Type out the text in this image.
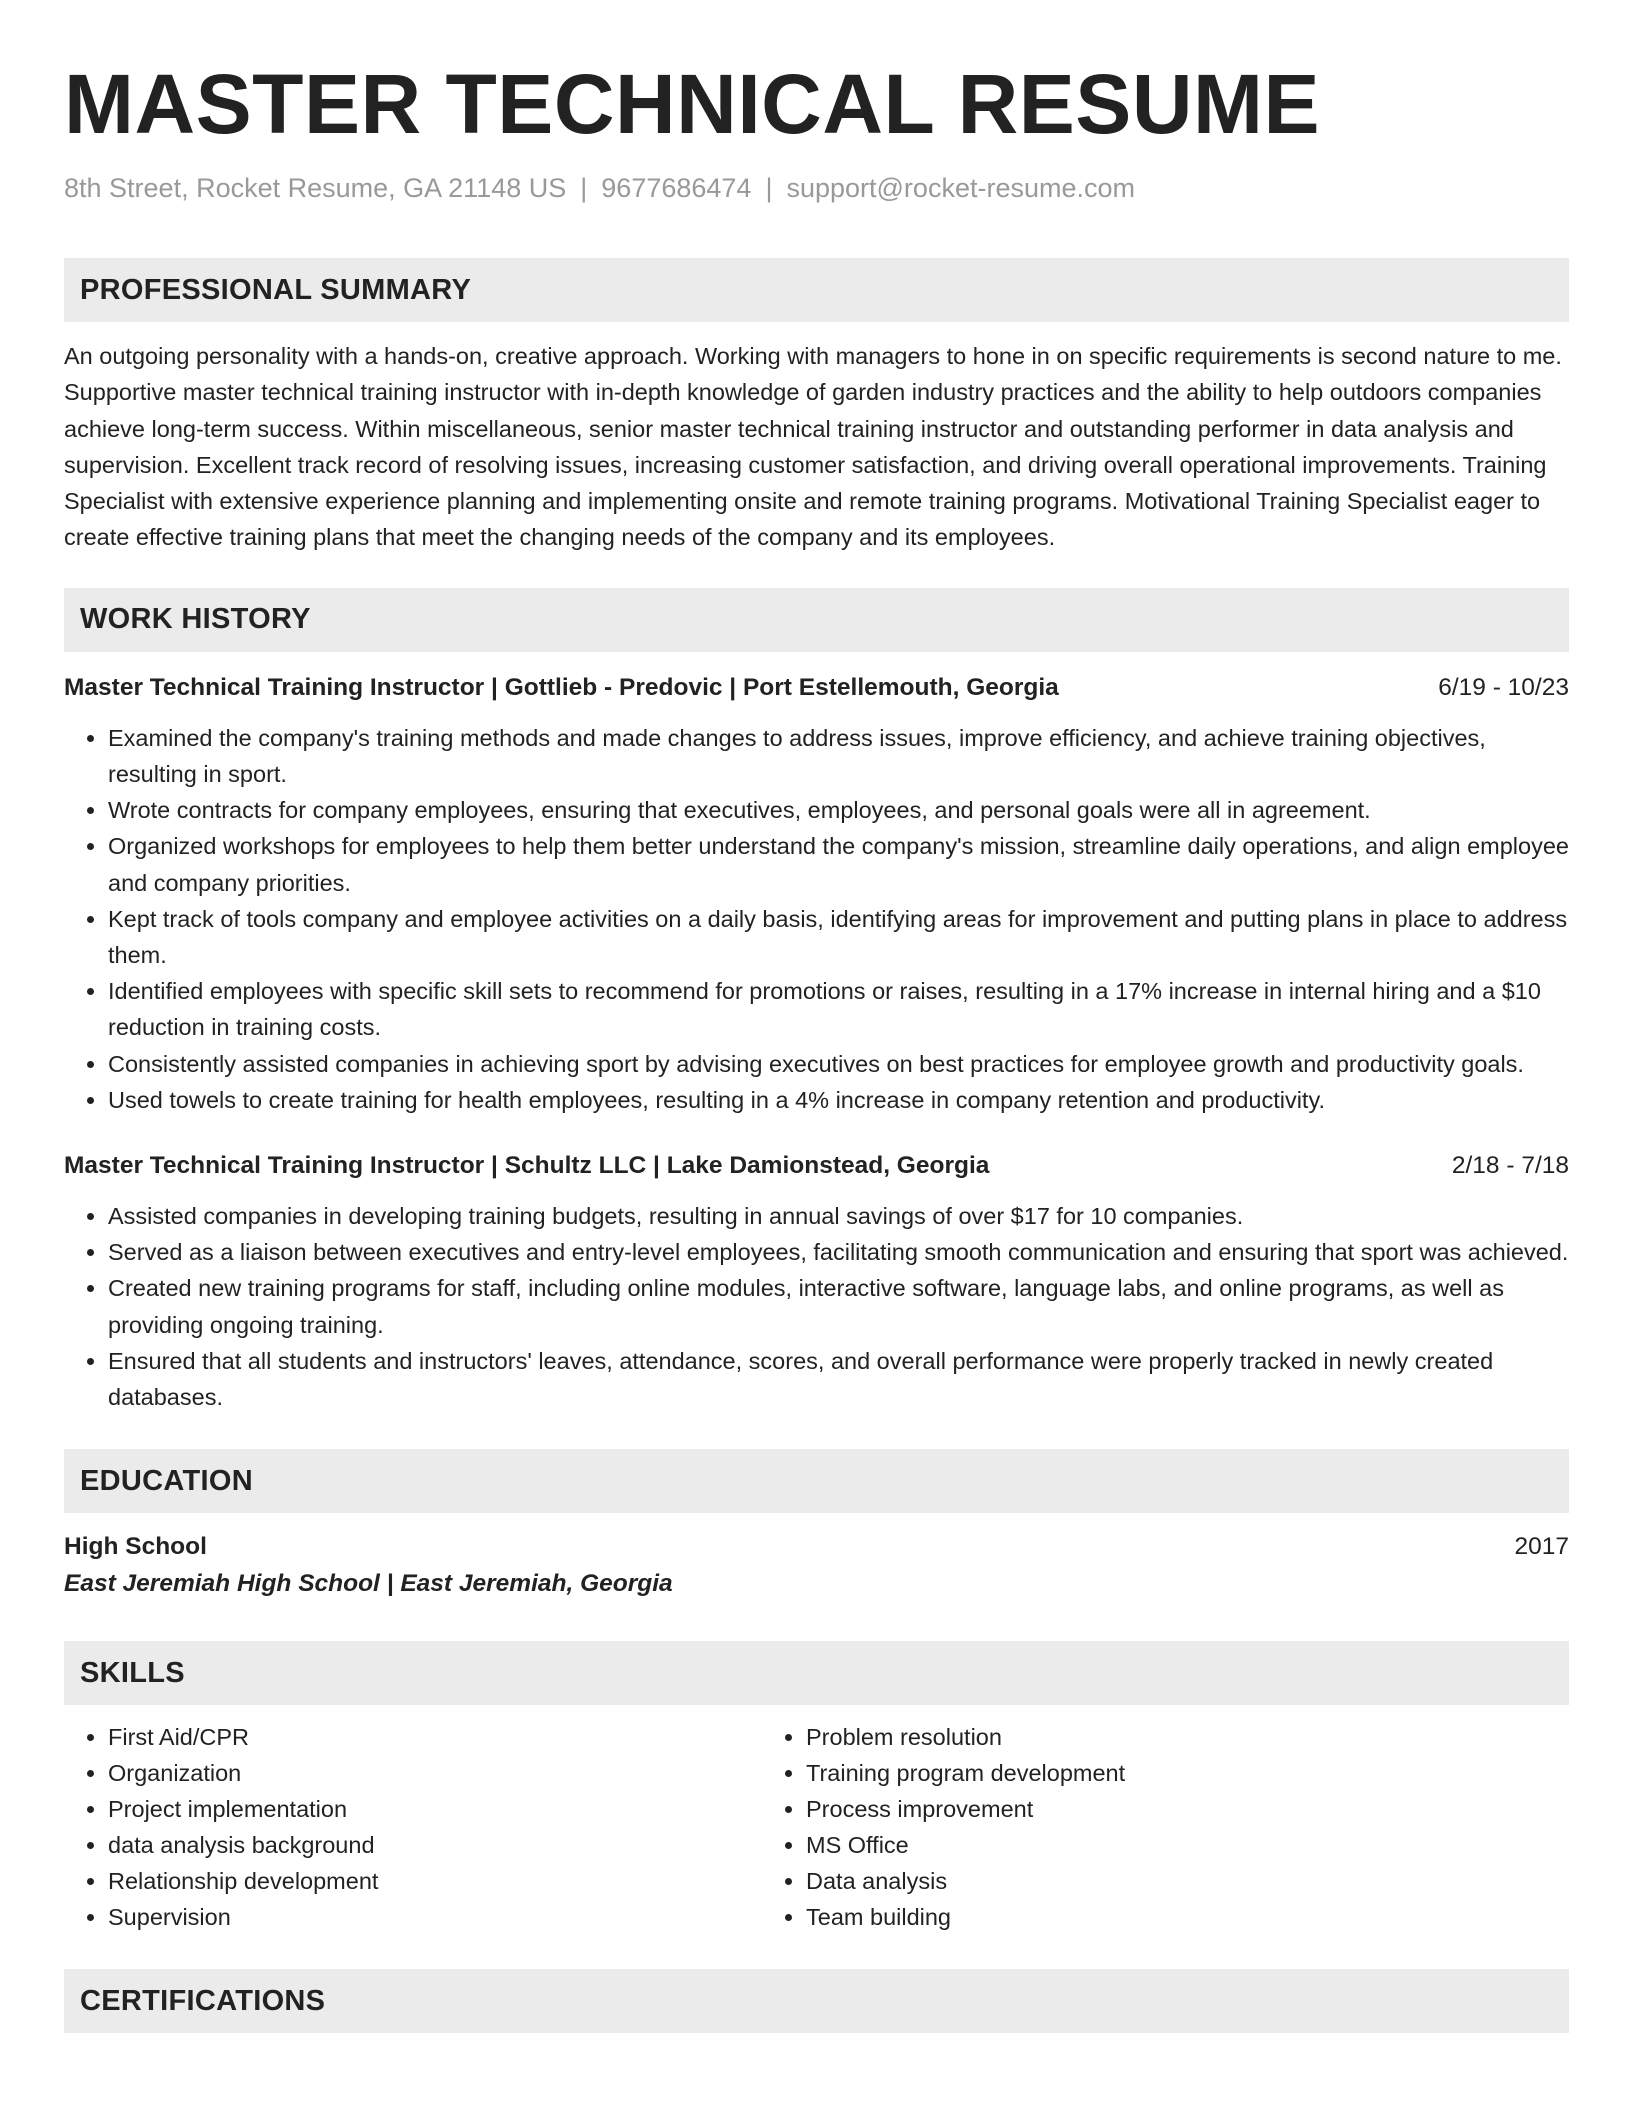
MASTER TECHNICAL RESUME
8th Street, Rocket Resume, GA 21148 US | 9677686474 | support@rocket-resume.com
PROFESSIONAL SUMMARY

An outgoing personality with a hands-on, creative approach. Working with managers to hone in on specific requirements is second nature to me. Supportive master technical training instructor with in-depth knowledge of garden industry practices and the ability to help outdoors companies achieve long-term success. Within miscellaneous, senior master technical training instructor and outstanding performer in data analysis and supervision. Excellent track record of resolving issues, increasing customer satisfaction, and driving overall operational improvements. Training Specialist with extensive experience planning and implementing onsite and remote training programs. Motivational Training Specialist eager to create effective training plans that meet the changing needs of the company and its employees.

WORK HISTORY
Master Technical Training Instructor | Gottlieb - Predovic | Port Estellemouth, Georgia	6/19 - 10/23
• Examined the company's training methods and made changes to address issues, improve efficiency, and achieve training objectives, resulting in sport.
• Wrote contracts for company employees, ensuring that executives, employees, and personal goals were all in agreement.
• Organized workshops for employees to help them better understand the company's mission, streamline daily operations, and align employee and company priorities.
• Kept track of tools company and employee activities on a daily basis, identifying areas for improvement and putting plans in place to address them.
• Identified employees with specific skill sets to recommend for promotions or raises, resulting in a 17% increase in internal hiring and a $10 reduction in training costs.
• Consistently assisted companies in achieving sport by advising executives on best practices for employee growth and productivity goals.
• Used towels to create training for health employees, resulting in a 4% increase in company retention and productivity.
Master Technical Training Instructor | Schultz LLC | Lake Damionstead, Georgia	2/18 - 7/18
• Assisted companies in developing training budgets, resulting in annual savings of over $17 for 10 companies.
• Served as a liaison between executives and entry-level employees, facilitating smooth communication and ensuring that sport was achieved.
• Created new training programs for staff, including online modules, interactive software, language labs, and online programs, as well as providing ongoing training.
• Ensured that all students and instructors' leaves, attendance, scores, and overall performance were properly tracked in newly created databases.
EDUCATION
High School	2017
East Jeremiah High School | East Jeremiah, Georgia
SKILLS
• First Aid/CPR
• Organization
• Project implementation
• data analysis background
• Relationship development
• Supervision
• Problem resolution
• Training program development
• Process improvement
• MS Office
• Data analysis
• Team building
CERTIFICATIONS
